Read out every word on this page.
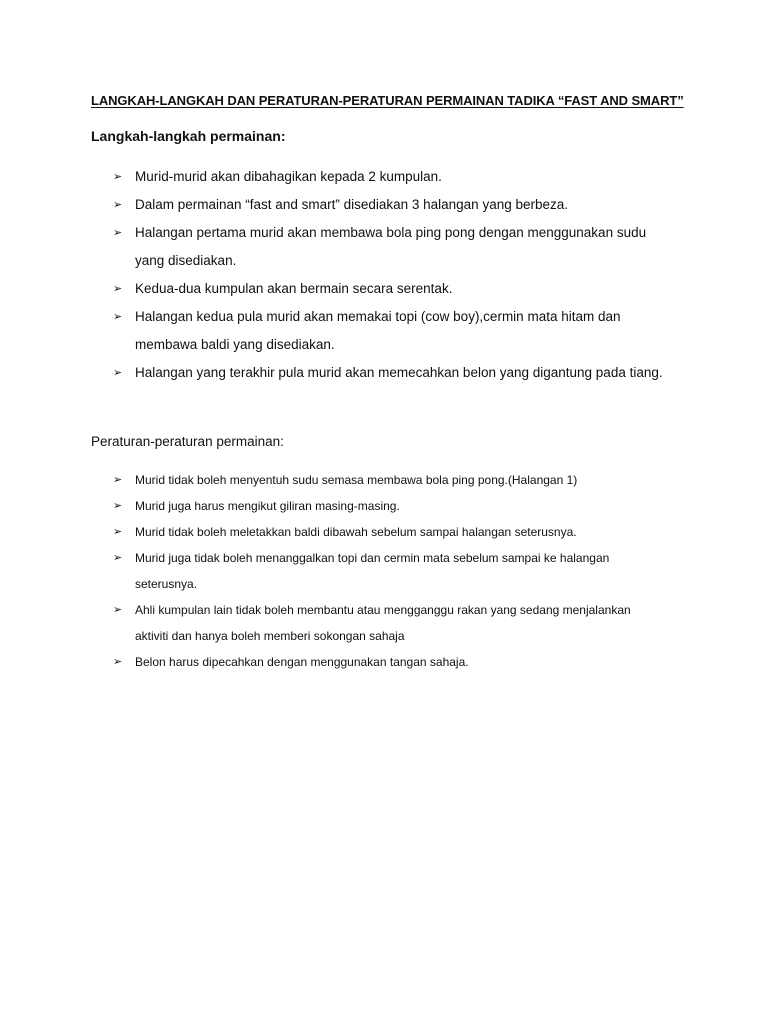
LANGKAH-LANGKAH DAN PERATURAN-PERATURAN PERMAINAN TADIKA “FAST AND SMART”
Langkah-langkah permainan:
➢ Murid-murid akan dibahagikan kepada 2 kumpulan.
➢ Dalam permainan “fast and smart” disediakan 3 halangan yang berbeza.
➢ Halangan pertama murid akan membawa bola ping pong dengan menggunakan sudu
yang disediakan.
➢ Kedua-dua kumpulan akan bermain secara serentak.
➢ Halangan kedua pula murid akan memakai topi (cow boy),cermin mata hitam dan
membawa baldi yang disediakan.
➢ Halangan yang terakhir pula murid akan memecahkan belon yang digantung pada tiang.
Peraturan-peraturan permainan:
➢ Murid tidak boleh menyentuh sudu semasa membawa bola ping pong.(Halangan 1)
➢ Murid juga harus mengikut giliran masing-masing.
➢ Murid tidak boleh meletakkan baldi dibawah sebelum sampai halangan seterusnya.
➢ Murid juga tidak boleh menanggalkan topi dan cermin mata sebelum sampai ke halangan
seterusnya.
➢ Ahli kumpulan lain tidak boleh membantu atau mengganggu rakan yang sedang menjalankan
aktiviti dan hanya boleh memberi sokongan sahaja
➢ Belon harus dipecahkan dengan menggunakan tangan sahaja.
